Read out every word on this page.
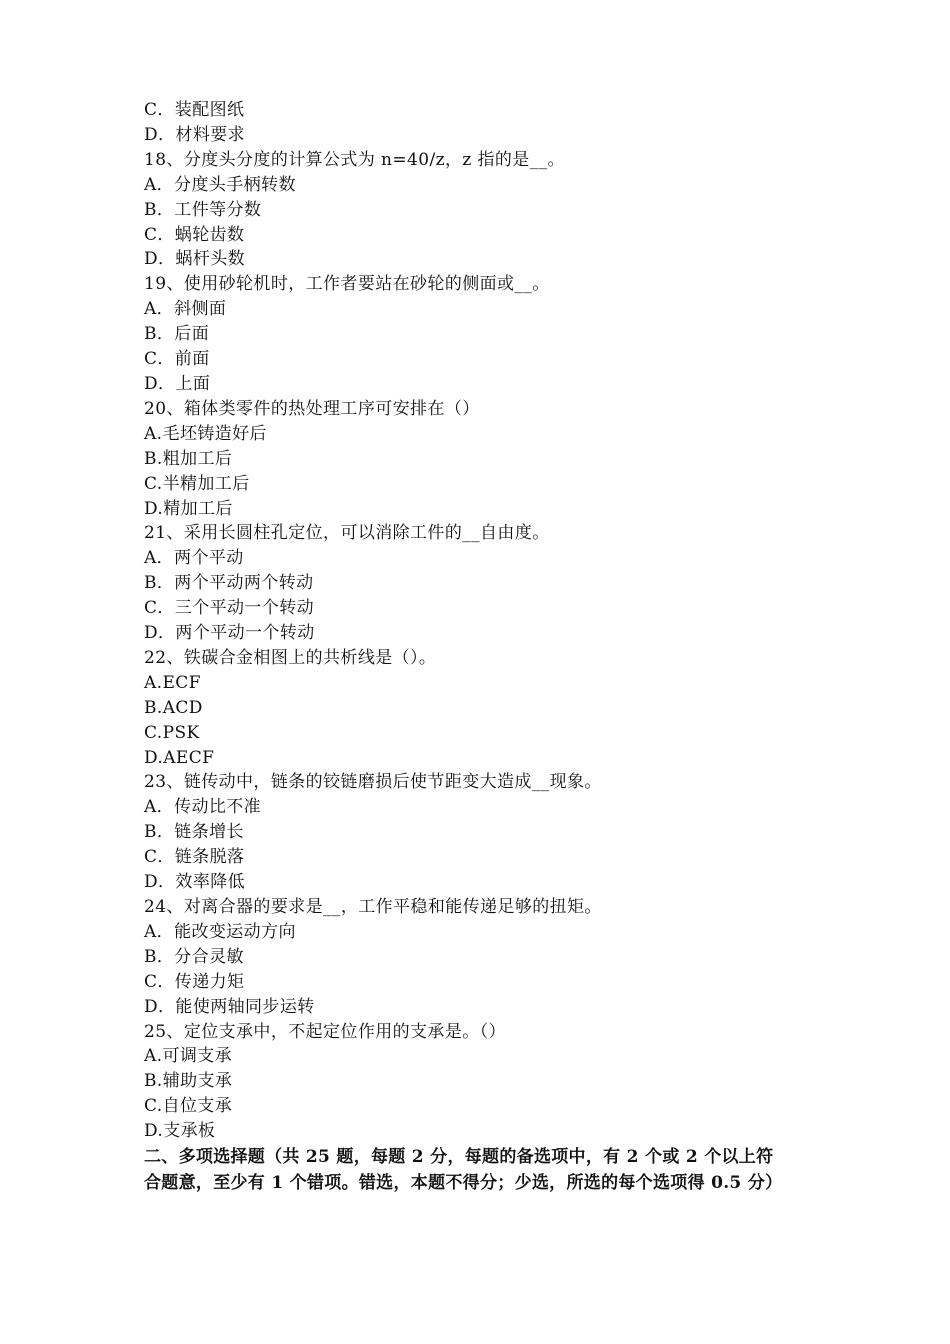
C．装配图纸
D．材料要求
18、分度头分度的计算公式为 n=40/z，z 指的是__。
A．分度头手柄转数
B．工件等分数
C．蜗轮齿数
D．蜗杆头数
19、使用砂轮机时，工作者要站在砂轮的侧面或__。
A．斜侧面
B．后面
C．前面
D．上面
20、箱体类零件的热处理工序可安排在（）
A.毛坯铸造好后
B.粗加工后
C.半精加工后
D.精加工后
21、采用长圆柱孔定位，可以消除工件的__自由度。
A．两个平动
B．两个平动两个转动
C．三个平动一个转动
D．两个平动一个转动
22、铁碳合金相图上的共析线是（）。
A.ECF
B.ACD
C.PSK
D.AECF
23、链传动中，链条的铰链磨损后使节距变大造成__现象。
A．传动比不准
B．链条增长
C．链条脱落
D．效率降低
24、对离合器的要求是__，工作平稳和能传递足够的扭矩。
A．能改变运动方向
B．分合灵敏
C．传递力矩
D．能使两轴同步运转
25、定位支承中，不起定位作用的支承是。（）
A.可调支承
B.辅助支承
C.自位支承
D.支承板
二、多项选择题（共 25 题，每题 2 分，每题的备选项中，有 2 个或 2 个以上符
合题意，至少有 1 个错项。错选，本题不得分；少选，所选的每个选项得 0.5 分）
